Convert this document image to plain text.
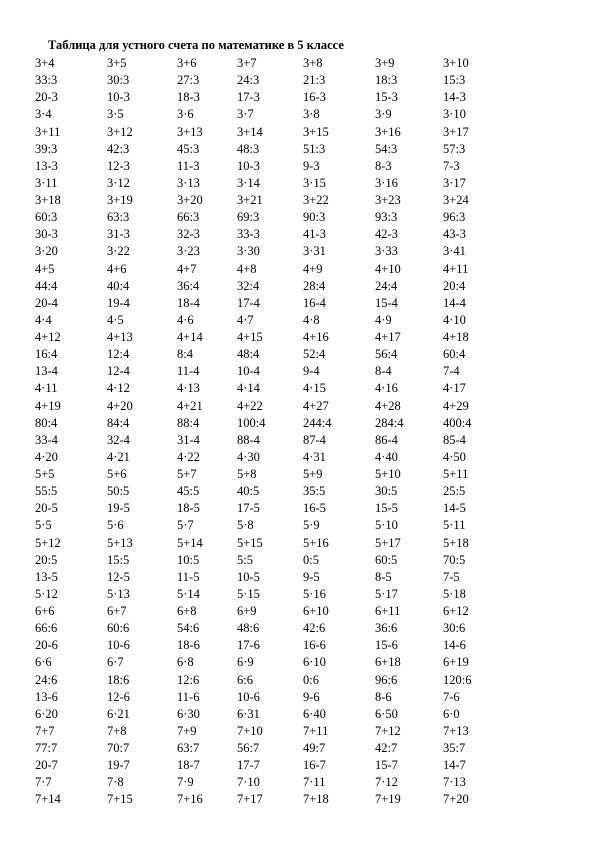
Таблица для устного счета по математике в 5 классе
3+4	3+5	3+6	3+7	3+8	3+9	3+10
33:3	30:3	27:3	24:3	21:3	18:3	15:3
20-3	10-3	18-3	17-3	16-3	15-3	14-3
3·4	3·5	3·6	3·7	3·8	3·9	3·10
3+11	3+12	3+13	3+14	3+15	3+16	3+17
39:3	42:3	45:3	48:3	51:3	54:3	57:3
13-3	12-3	11-3	10-3	9-3	8-3	7-3
3·11	3·12	3·13	3·14	3·15	3·16	3·17
3+18	3+19	3+20	3+21	3+22	3+23	3+24
60:3	63:3	66:3	69:3	90:3	93:3	96:3
30-3	31-3	32-3	33-3	41-3	42-3	43-3
3·20	3·22	3·23	3·30	3·31	3·33	3·41
4+5	4+6	4+7	4+8	4+9	4+10	4+11
44:4	40:4	36:4	32:4	28:4	24:4	20:4
20-4	19-4	18-4	17-4	16-4	15-4	14-4
4·4	4·5	4·6	4·7	4·8	4·9	4·10
4+12	4+13	4+14	4+15	4+16	4+17	4+18
16:4	12:4	8:4	48:4	52:4	56:4	60:4
13-4	12-4	11-4	10-4	9-4	8-4	7-4
4·11	4·12	4·13	4·14	4·15	4·16	4·17
4+19	4+20	4+21	4+22	4+27	4+28	4+29
80:4	84:4	88:4	100:4	244:4	284:4	400:4
33-4	32-4	31-4	88-4	87-4	86-4	85-4
4·20	4·21	4·22	4·30	4·31	4·40	4·50
5+5	5+6	5+7	5+8	5+9	5+10	5+11
55:5	50:5	45:5	40:5	35:5	30:5	25:5
20-5	19-5	18-5	17-5	16-5	15-5	14-5
5·5	5·6	5·7	5·8	5·9	5·10	5·11
5+12	5+13	5+14	5+15	5+16	5+17	5+18
20:5	15:5	10:5	5:5	0:5	60:5	70:5
13-5	12-5	11-5	10-5	9-5	8-5	7-5
5·12	5·13	5·14	5·15	5·16	5·17	5·18
6+6	6+7	6+8	6+9	6+10	6+11	6+12
66:6	60:6	54:6	48:6	42:6	36:6	30:6
20-6	10-6	18-6	17-6	16-6	15-6	14-6
6·6	6·7	6·8	6·9	6·10	6+18	6+19
24:6	18:6	12:6	6:6	0:6	96:6	120:6
13-6	12-6	11-6	10-6	9-6	8-6	7-6
6·20	6·21	6·30	6·31	6·40	6·50	6·0
7+7	7+8	7+9	7+10	7+11	7+12	7+13
77:7	70:7	63:7	56:7	49:7	42:7	35:7
20-7	19-7	18-7	17-7	16-7	15-7	14-7
7·7	7·8	7·9	7·10	7·11	7·12	7·13
7+14	7+15	7+16	7+17	7+18	7+19	7+20
